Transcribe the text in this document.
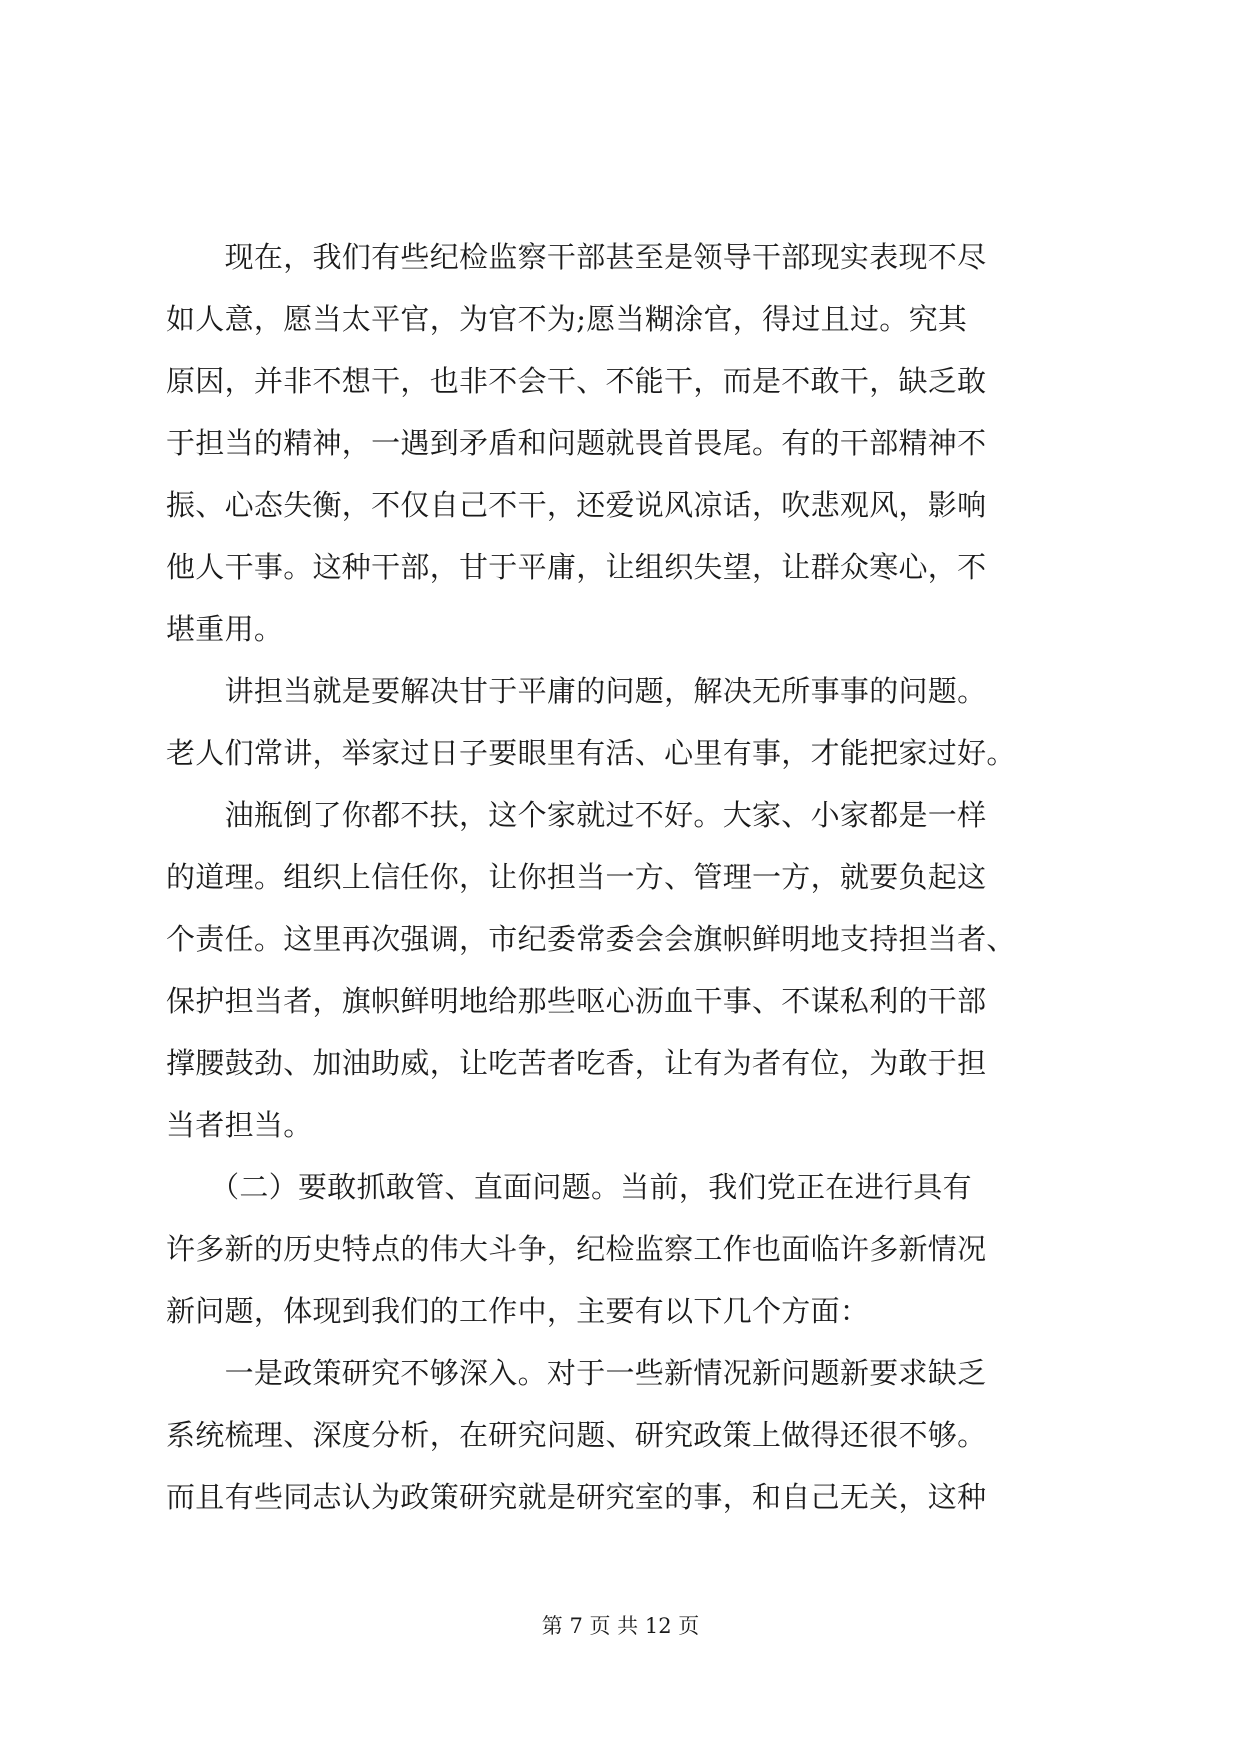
　　现在，我们有些纪检监察干部甚至是领导干部现实表现不尽
如人意，愿当太平官，为官不为;愿当糊涂官，得过且过。究其
原因，并非不想干，也非不会干、不能干，而是不敢干，缺乏敢
于担当的精神，一遇到矛盾和问题就畏首畏尾。有的干部精神不
振、心态失衡，不仅自己不干，还爱说风凉话，吹悲观风，影响
他人干事。这种干部，甘于平庸，让组织失望，让群众寒心，不
堪重用。
　　讲担当就是要解决甘于平庸的问题，解决无所事事的问题。
老人们常讲，举家过日子要眼里有活、心里有事，才能把家过好。
　　油瓶倒了你都不扶，这个家就过不好。大家、小家都是一样
的道理。组织上信任你，让你担当一方、管理一方，就要负起这
个责任。这里再次强调，市纪委常委会会旗帜鲜明地支持担当者、
保护担当者，旗帜鲜明地给那些呕心沥血干事、不谋私利的干部
撑腰鼓劲、加油助威，让吃苦者吃香，让有为者有位，为敢于担
当者担当。
　　（二）要敢抓敢管、直面问题。当前，我们党正在进行具有
许多新的历史特点的伟大斗争，纪检监察工作也面临许多新情况
新问题，体现到我们的工作中，主要有以下几个方面：
　　一是政策研究不够深入。对于一些新情况新问题新要求缺乏
系统梳理、深度分析，在研究问题、研究政策上做得还很不够。
而且有些同志认为政策研究就是研究室的事，和自己无关，这种
第 7 页 共 12 页
